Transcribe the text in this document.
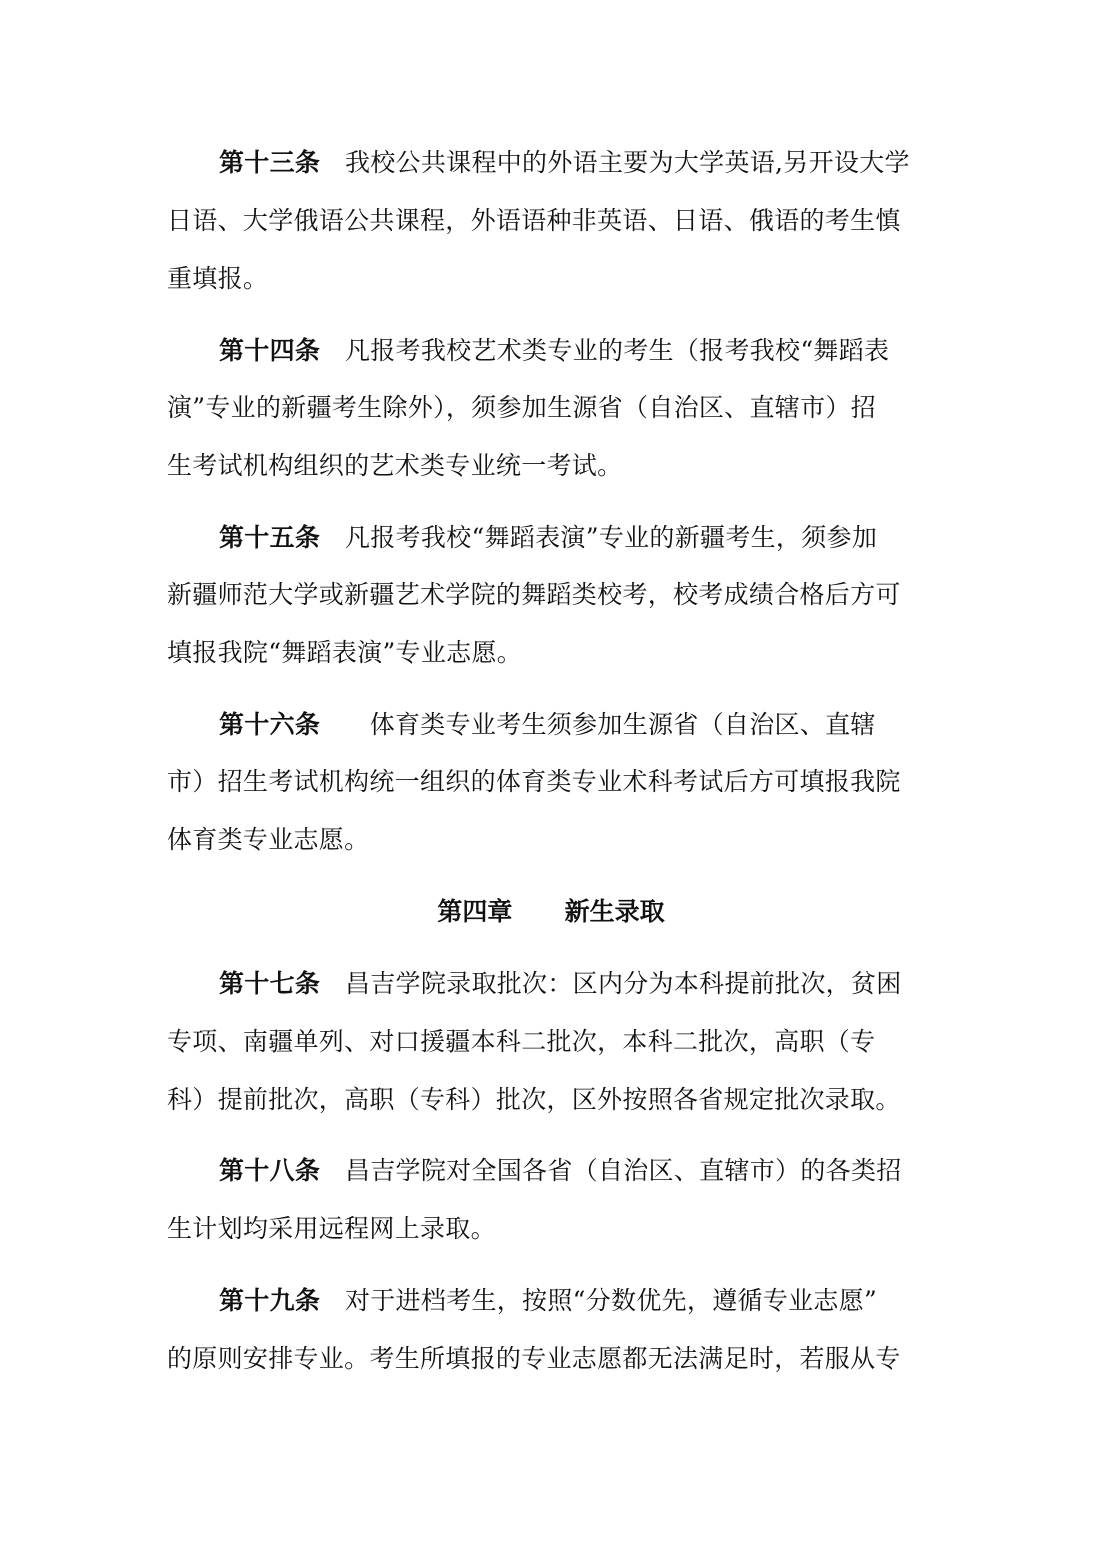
第十三条 我校公共课程中的外语主要为大学英语,另开设大学
日语、大学俄语公共课程，外语语种非英语、日语、俄语的考生慎
重填报。
第十四条 凡报考我校艺术类专业的考生（报考我校“舞蹈表
演”专业的新疆考生除外），须参加生源省（自治区、直辖市）招
生考试机构组织的艺术类专业统一考试。
第十五条 凡报考我校“舞蹈表演”专业的新疆考生，须参加
新疆师范大学或新疆艺术学院的舞蹈类校考，校考成绩合格后方可
填报我院“舞蹈表演”专业志愿。
第十六条 体育类专业考生须参加生源省（自治区、直辖
市）招生考试机构统一组织的体育类专业术科考试后方可填报我院
体育类专业志愿。
第四章      新生录取
第十七条 昌吉学院录取批次：区内分为本科提前批次，贫困
专项、南疆单列、对口援疆本科二批次，本科二批次，高职（专
科）提前批次，高职（专科）批次，区外按照各省规定批次录取。
第十八条 昌吉学院对全国各省（自治区、直辖市）的各类招
生计划均采用远程网上录取。
第十九条 对于进档考生，按照“分数优先，遵循专业志愿”
的原则安排专业。考生所填报的专业志愿都无法满足时，若服从专
